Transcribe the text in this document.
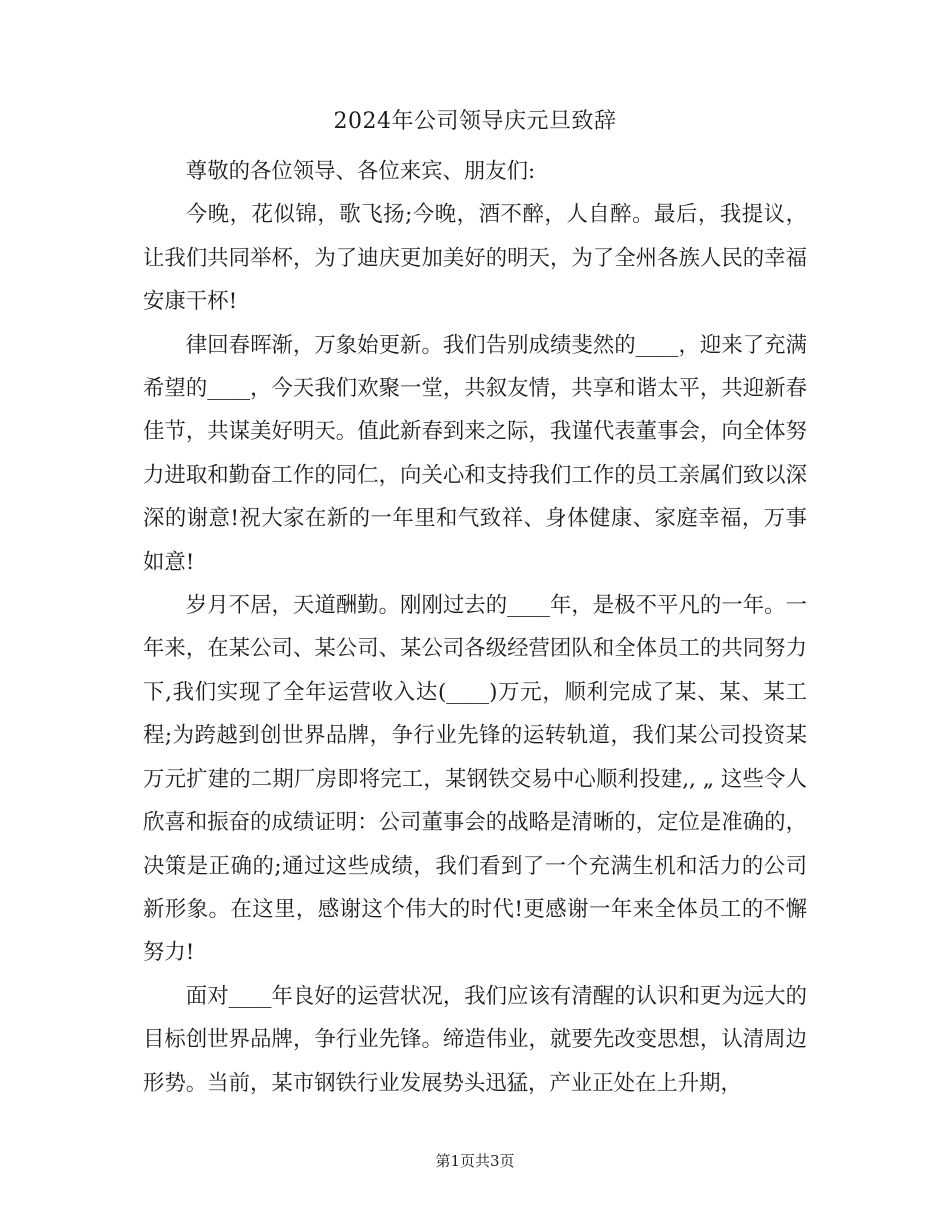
2024年公司领导庆元旦致辞

尊敬的各位领导、各位来宾、朋友们:

今晚，花似锦，歌飞扬;今晚，酒不醉，人自醉。最后，我提议，让我们共同举杯，为了迪庆更加美好的明天，为了全州各族人民的幸福安康干杯!

律回春晖渐，万象始更新。我们告别成绩斐然的____，迎来了充满希望的____，今天我们欢聚一堂，共叙友情，共享和谐太平，共迎新春佳节，共谋美好明天。值此新春到来之际，我谨代表董事会，向全体努力进取和勤奋工作的同仁，向关心和支持我们工作的员工亲属们致以深深的谢意!祝大家在新的一年里和气致祥、身体健康、家庭幸福，万事如意!

岁月不居，天道酬勤。刚刚过去的____年，是极不平凡的一年。一年来，在某公司、某公司、某公司各级经营团队和全体员工的共同努力下,我们实现了全年运营收入达(____)万元，顺利完成了某、某、某工程;为跨越到创世界品牌，争行业先锋的运转轨道，我们某公司投资某万元扩建的二期厂房即将完工，某钢铁交易中心顺利投建,, „ 这些令人欣喜和振奋的成绩证明：公司董事会的战略是清晰的，定位是准确的，决策是正确的;通过这些成绩，我们看到了一个充满生机和活力的公司新形象。在这里，感谢这个伟大的时代!更感谢一年来全体员工的不懈努力!

面对____年良好的运营状况，我们应该有清醒的认识和更为远大的目标创世界品牌，争行业先锋。缔造伟业，就要先改变思想，认清周边形势。当前，某市钢铁行业发展势头迅猛，产业正处在上升期，

第1页共3页
